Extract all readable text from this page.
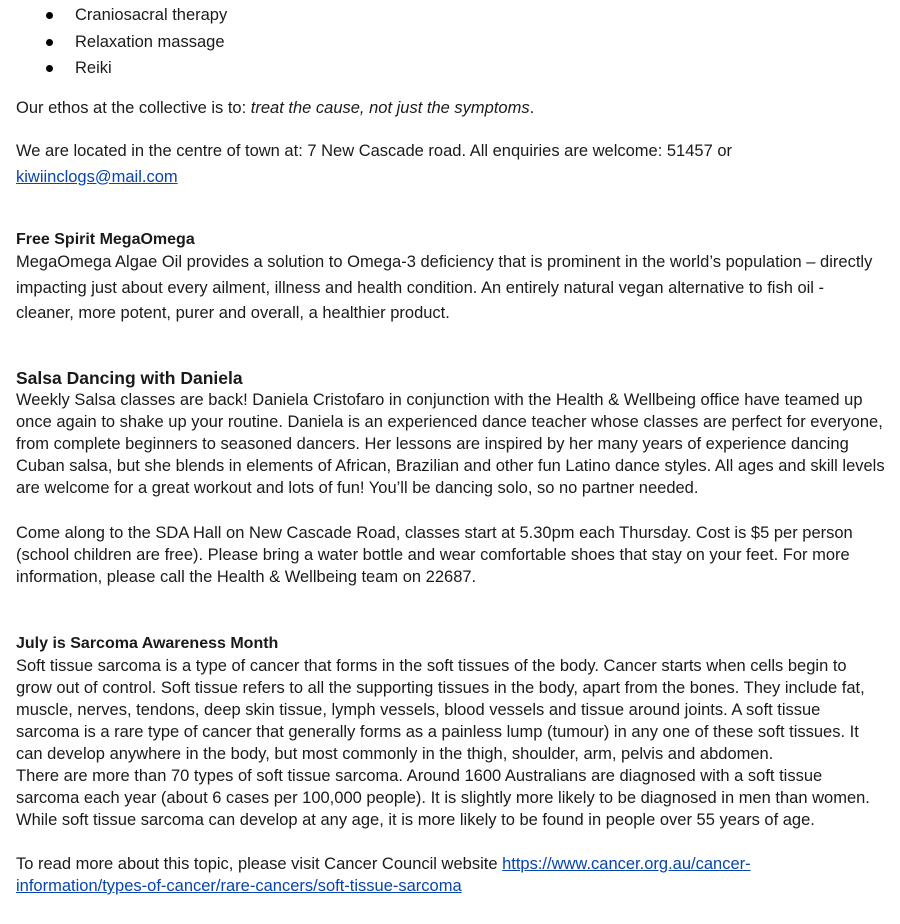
Craniosacral therapy
Relaxation massage
Reiki

Our ethos at the collective is to: treat the cause, not just the symptoms.

We are located in the centre of town at: 7 New Cascade road. All enquiries are welcome: 51457 or
kiwiinclogs@mail.com

Free Spirit MegaOmega

MegaOmega Algae Oil provides a solution to Omega-3 deficiency that is prominent in the world’s population – directly impacting just about every ailment, illness and health condition. An entirely natural vegan alternative to fish oil - cleaner, more potent, purer and overall, a healthier product.

Salsa Dancing with Daniela

Weekly Salsa classes are back! Daniela Cristofaro in conjunction with the Health & Wellbeing office have teamed up once again to shake up your routine. Daniela is an experienced dance teacher whose classes are perfect for everyone, from complete beginners to seasoned dancers. Her lessons are inspired by her many years of experience dancing Cuban salsa, but she blends in elements of African, Brazilian and other fun Latino dance styles. All ages and skill levels are welcome for a great workout and lots of fun! You’ll be dancing solo, so no partner needed.

Come along to the SDA Hall on New Cascade Road, classes start at 5.30pm each Thursday. Cost is $5 per person (school children are free). Please bring a water bottle and wear comfortable shoes that stay on your feet. For more information, please call the Health & Wellbeing team on 22687.

July is Sarcoma Awareness Month

Soft tissue sarcoma is a type of cancer that forms in the soft tissues of the body. Cancer starts when cells begin to grow out of control. Soft tissue refers to all the supporting tissues in the body, apart from the bones. They include fat, muscle, nerves, tendons, deep skin tissue, lymph vessels, blood vessels and tissue around joints. A soft tissue sarcoma is a rare type of cancer that generally forms as a painless lump (tumour) in any one of these soft tissues. It can develop anywhere in the body, but most commonly in the thigh, shoulder, arm, pelvis and abdomen.

There are more than 70 types of soft tissue sarcoma. Around 1600 Australians are diagnosed with a soft tissue sarcoma each year (about 6 cases per 100,000 people). It is slightly more likely to be diagnosed in men than women. While soft tissue sarcoma can develop at any age, it is more likely to be found in people over 55 years of age.

To read more about this topic, please visit Cancer Council website https://www.cancer.org.au/cancer-
information/types-of-cancer/rare-cancers/soft-tissue-sarcoma
